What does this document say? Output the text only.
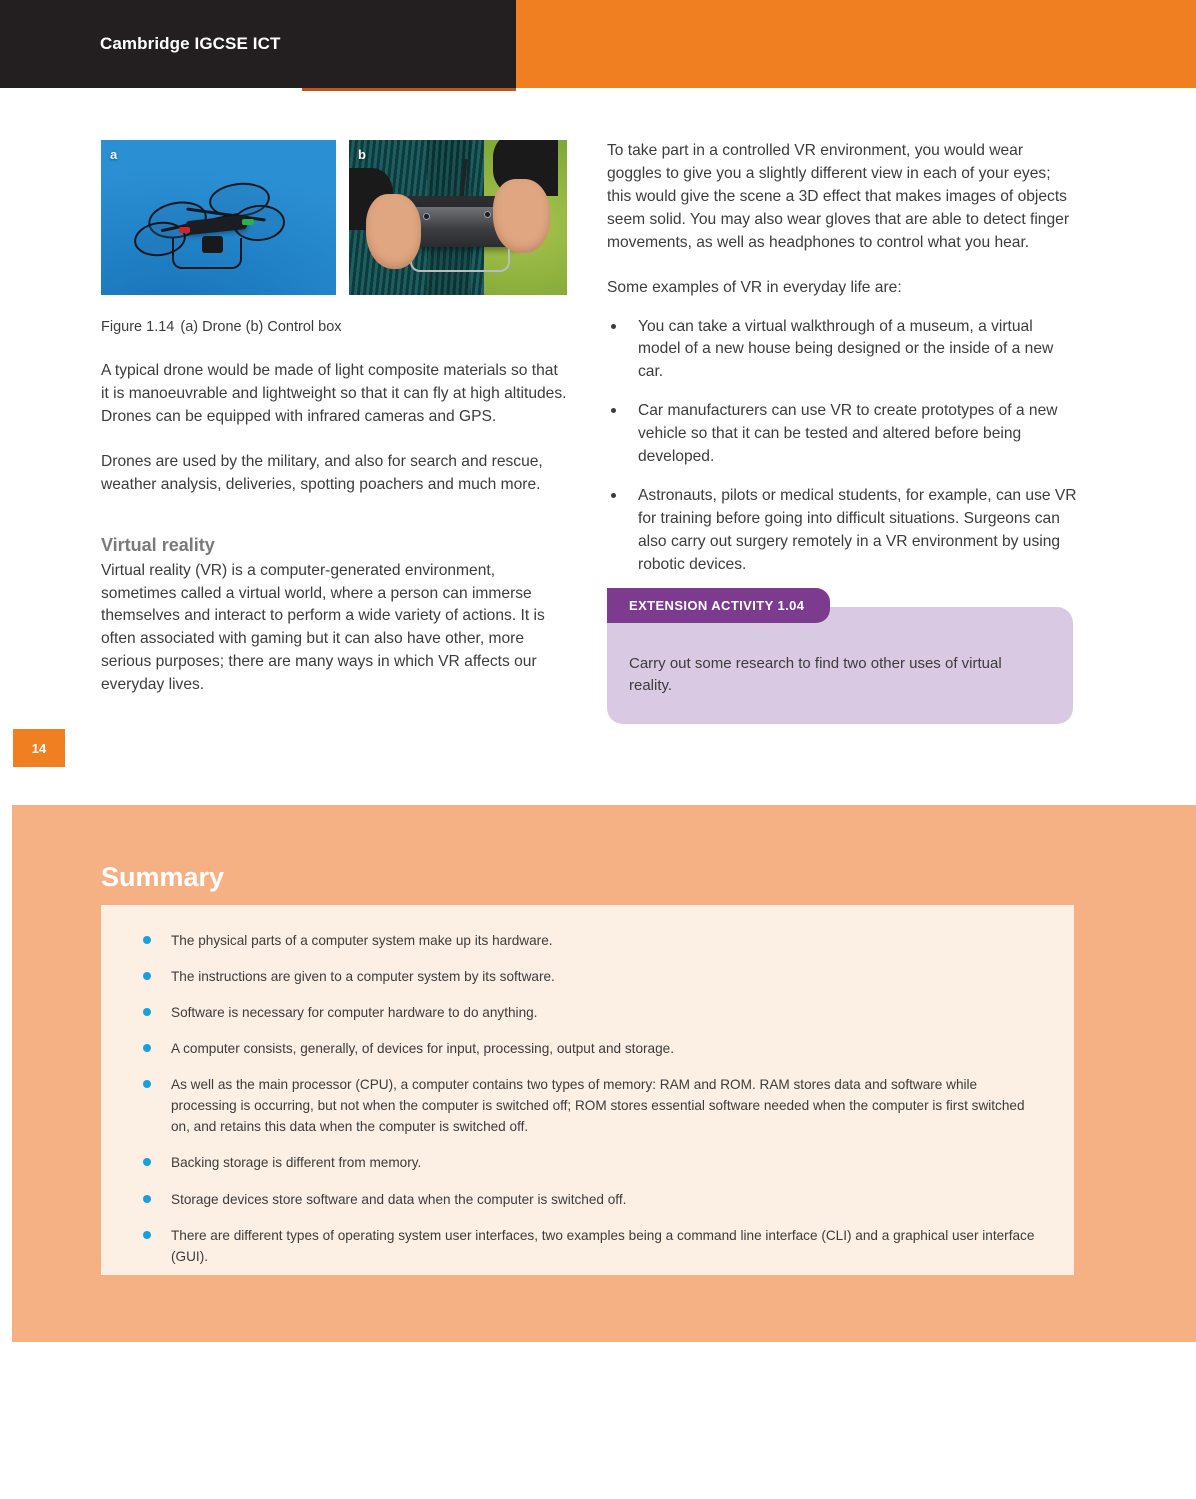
Cambridge IGCSE ICT
14
a	b
Figure 1.14 (a) Drone (b) Control box

A typical drone would be made of light composite materials so that it is manoeuvrable and lightweight so that it can fly at high altitudes. Drones can be equipped with infrared cameras and GPS.

Drones are used by the military, and also for search and rescue, weather analysis, deliveries, spotting poachers and much more.

Virtual reality

Virtual reality (VR) is a computer-generated environment, sometimes called a virtual world, where a person can immerse themselves and interact to perform a wide variety of actions. It is often associated with gaming but it can also have other, more serious purposes; there are many ways in which VR affects our everyday lives.

To take part in a controlled VR environment, you would wear goggles to give you a slightly different view in each of your eyes; this would give the scene a 3D effect that makes images of objects seem solid. You may also wear gloves that are able to detect finger movements, as well as headphones to control what you hear.

Some examples of VR in everyday life are:

You can take a virtual walkthrough of a museum, a virtual model of a new house being designed or the inside of a new car.
Car manufacturers can use VR to create prototypes of a new vehicle so that it can be tested and altered before being developed.
Astronauts, pilots or medical students, for example, can use VR for training before going into difficult situations. Surgeons can also carry out surgery remotely in a VR environment by using robotic devices.
EXTENSION ACTIVITY 1.04
Carry out some research to find two other uses of virtual reality.
Summary
The physical parts of a computer system make up its hardware.
The instructions are given to a computer system by its software.
Software is necessary for computer hardware to do anything.
A computer consists, generally, of devices for input, processing, output and storage.
As well as the main processor (CPU), a computer contains two types of memory: RAM and ROM. RAM stores data and software while processing is occurring, but not when the computer is switched off; ROM stores essential software needed when the computer is first switched on, and retains this data when the computer is switched off.
Backing storage is different from memory.
Storage devices store software and data when the computer is switched off.
There are different types of operating system user interfaces, two examples being a command line interface (CLI) and a graphical user interface (GUI).
